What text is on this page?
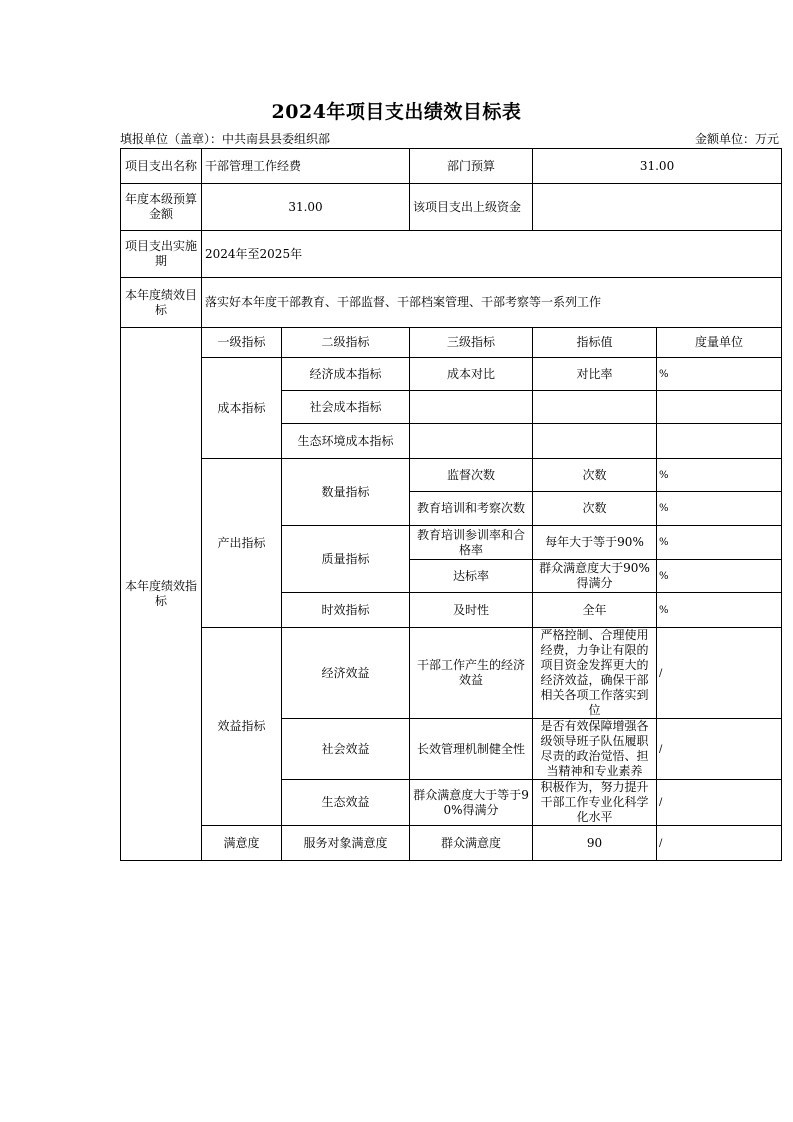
2024年项目支出绩效目标表
填报单位（盖章）：中共南县县委组织部	金额单位：万元
项目支出名称	干部管理工作经费		部门预算	31.00	
年度本级预算金额	31.00		该项目支出上级资金		
项目支出实施期	2024年至2025年				
本年度绩效目标	落实好本年度干部教育、干部监督、干部档案管理、干部考察等一系列工作				
本年度绩效指标	一级指标	二级指标	三级指标	指标值	度量单位
	成本指标	经济成本指标	成本对比	对比率	%
		社会成本指标			
		生态环境成本指标			
	产出指标	数量指标	监督次数	次数	%
			教育培训和考察次数	次数	%
		质量指标	教育培训参训率和合格率	每年大于等于90%	%
			达标率	群众满意度大于90%得满分	%
		时效指标	及时性	全年	%
	效益指标	经济效益	干部工作产生的经济效益	严格控制、合理使用经费，力争让有限的项目资金发挥更大的经济效益，确保干部相关各项工作落实到位	/
		社会效益	长效管理机制健全性	是否有效保障增强各级领导班子队伍履职尽责的政治觉悟、担当精神和专业素养	/
		生态效益	群众满意度大于等于90%得满分	积极作为，努力提升干部工作专业化科学化水平	/
	满意度	服务对象满意度	群众满意度	90	/
